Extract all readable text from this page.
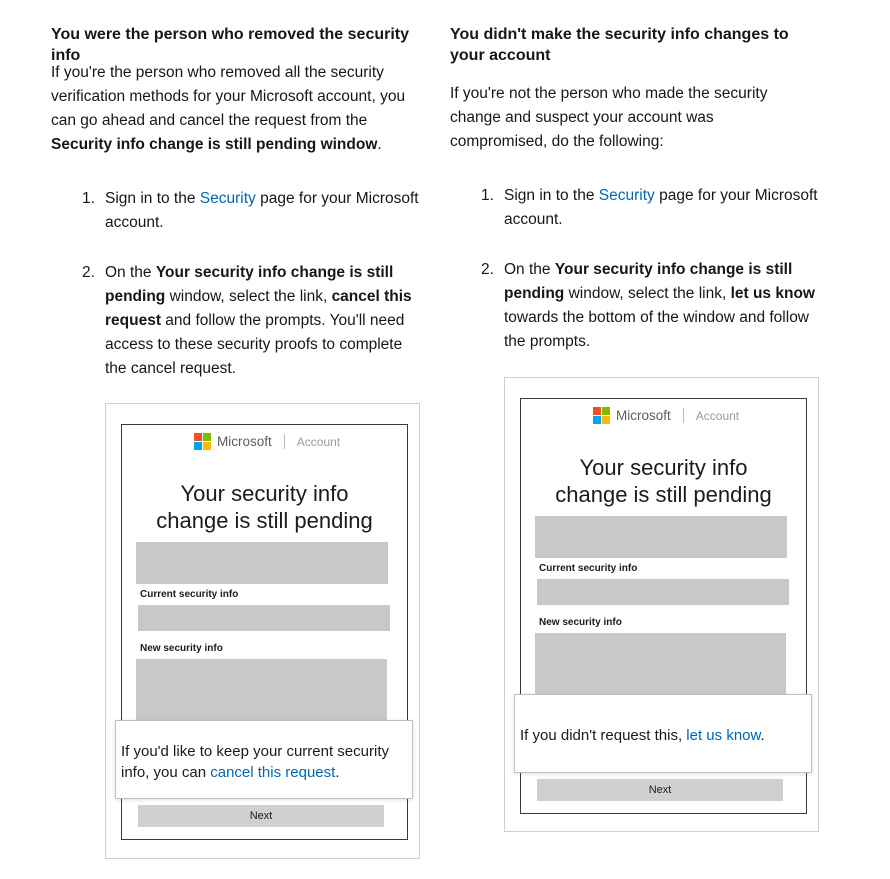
You were the person who removed the security info

If you're the person who removed all the security verification methods for your Microsoft account, you can go ahead and cancel the request from the Security info change is still pending window.

1. Sign in to the Security page for your Microsoft account.
2. On the Your security info change is still pending window, select the link, cancel this request and follow the prompts. You'll need access to these security proofs to complete the cancel request.
Microsoft Account
Your security info
change is still pending
Current security info
New security info
Next
If you'd like to keep your current security info, you can cancel this request.
You didn't make the security info changes to your account

If you're not the person who made the security change and suspect your account was compromised, do the following:

1. Sign in to the Security page for your Microsoft account.
2. On the Your security info change is still pending window, select the link, let us know towards the bottom of the window and follow the prompts.
Microsoft Account
Your security info
change is still pending
Current security info
New security info
Next
If you didn't request this, let us know.
